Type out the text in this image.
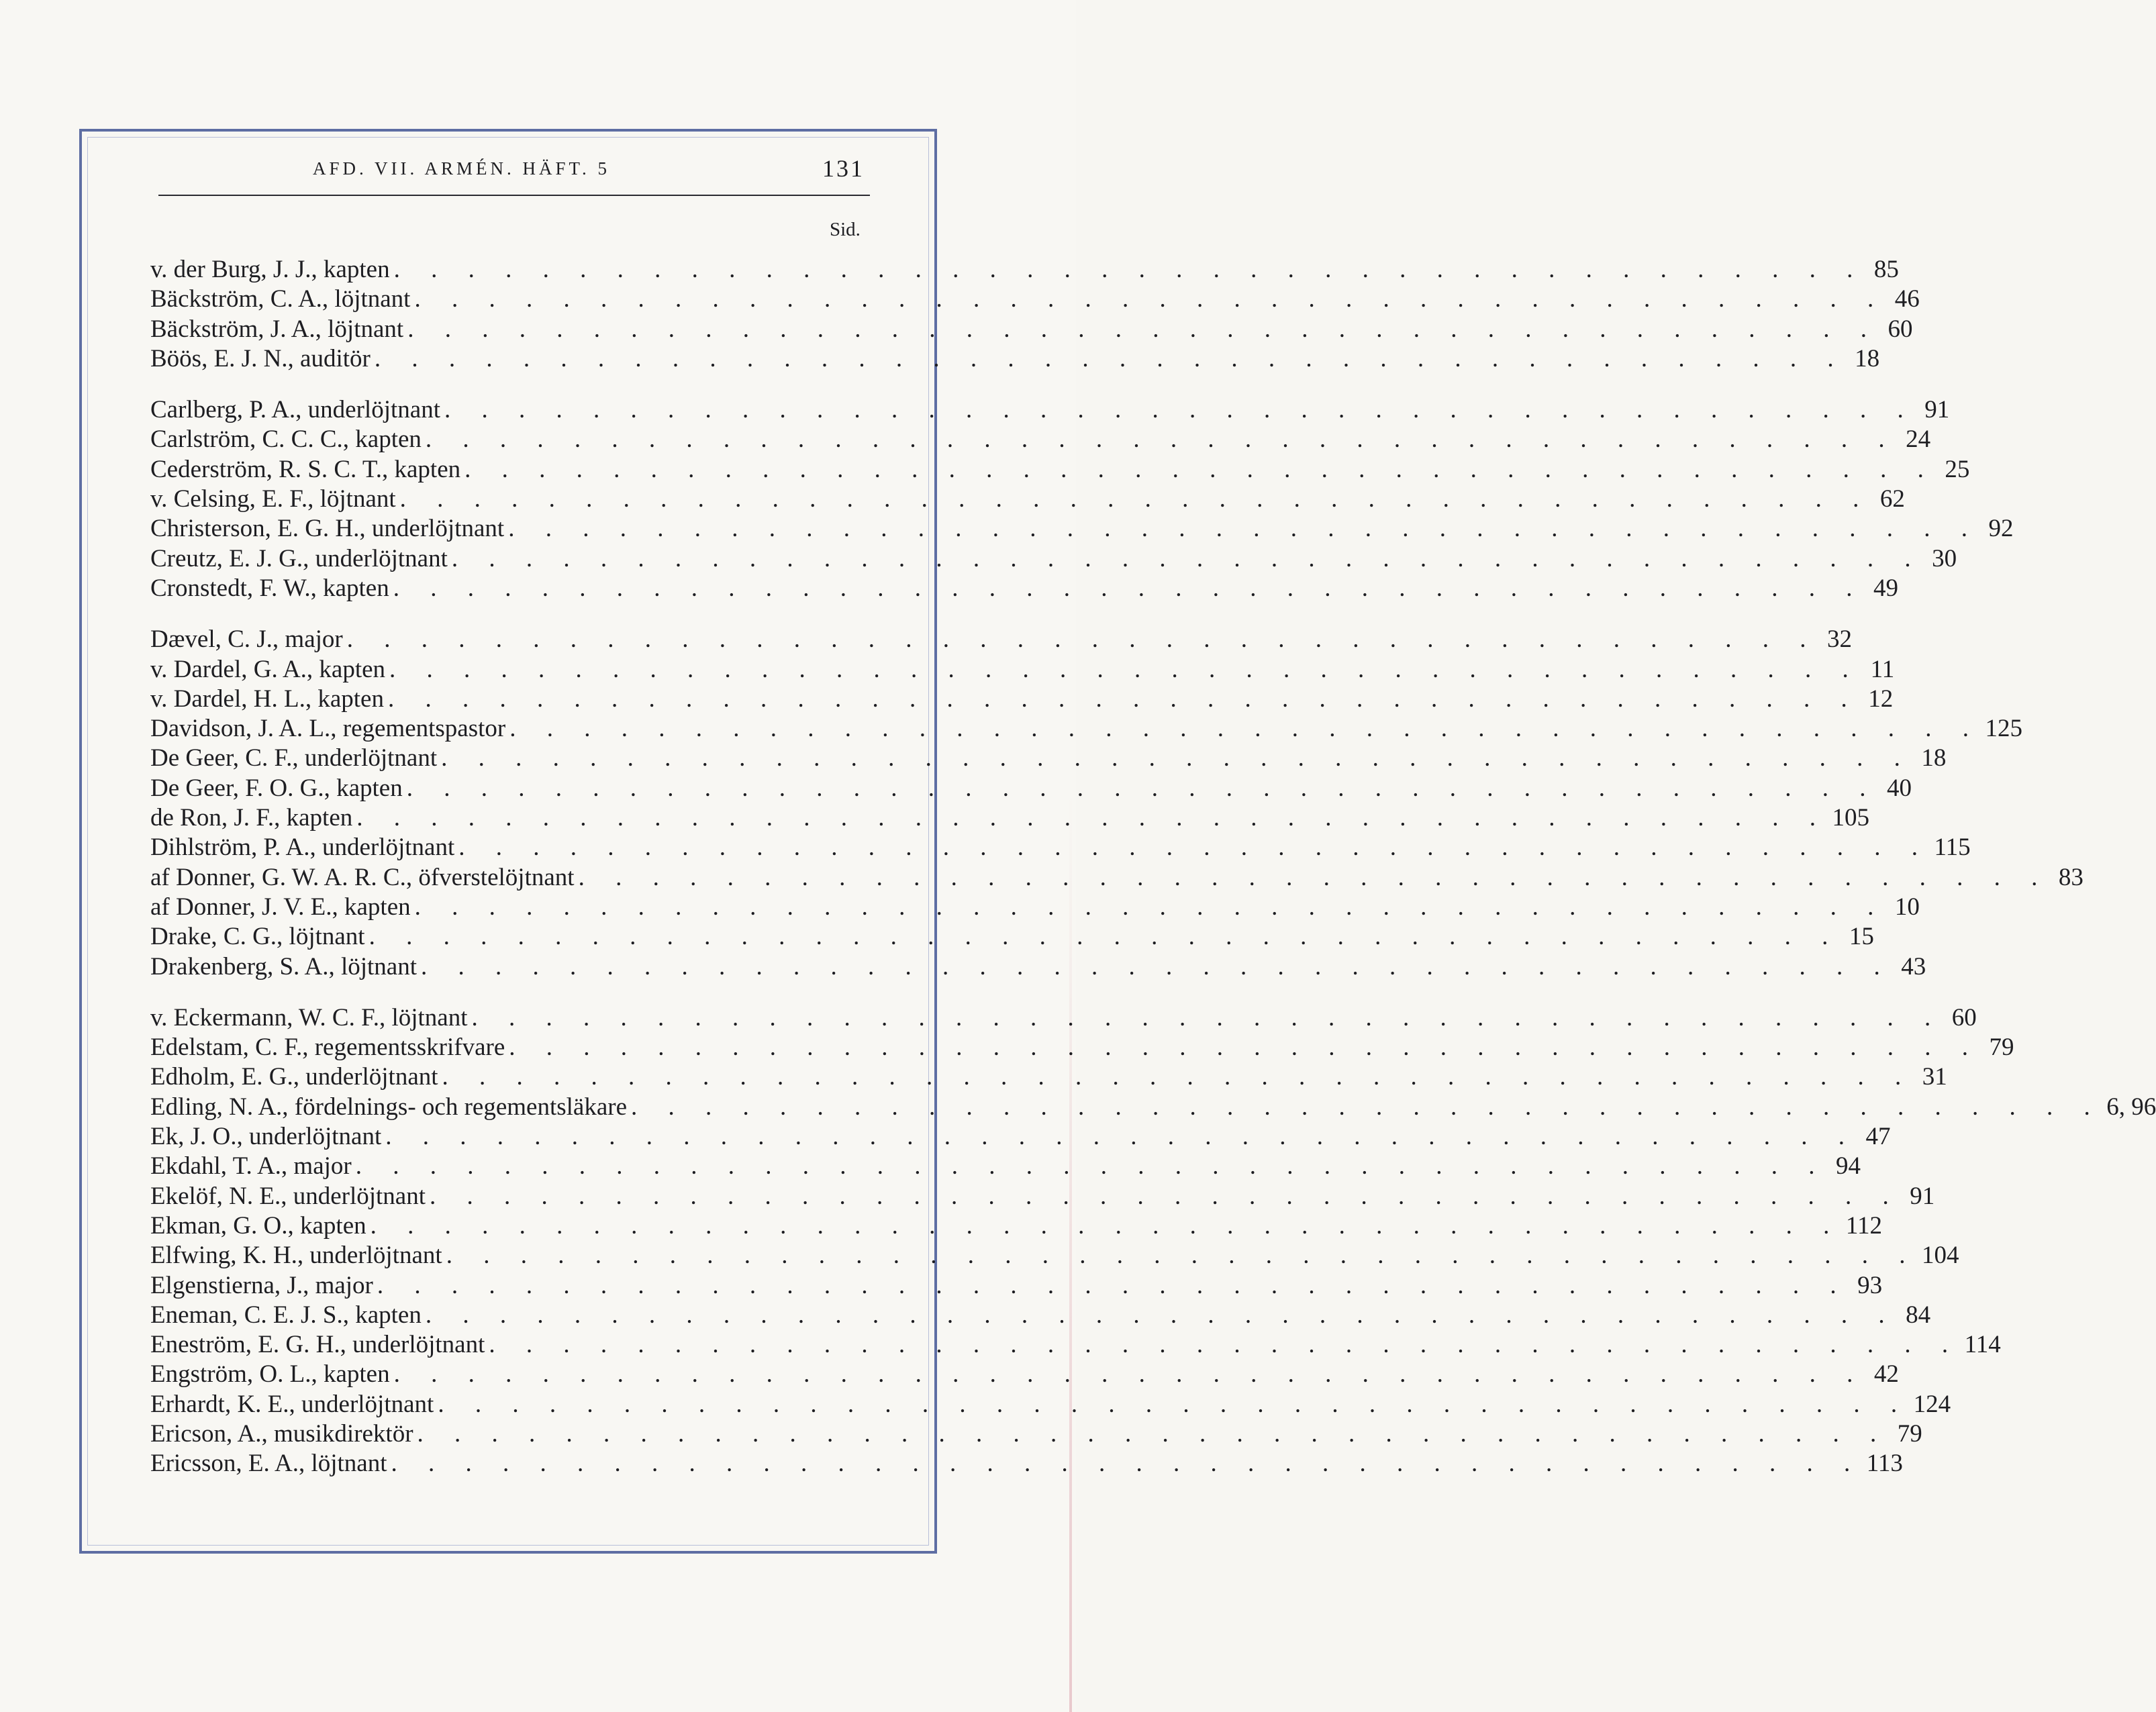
AFD. VII. ARMÉN. HÄFT. 5	131
Sid.
v. der Burg, J. J., kapten . . . . . . . . . . . . . . . . . . . . . . . . . . . . . . . . . . . . . . . . 85
Bäckström, C. A., löjtnant . . . . . . . . . . . . . . . . . . . . . . . . . . . . . . . . . . . . . . . . 46
Bäckström, J. A., löjtnant . . . . . . . . . . . . . . . . . . . . . . . . . . . . . . . . . . . . . . . . 60
Böös, E. J. N., auditör . . . . . . . . . . . . . . . . . . . . . . . . . . . . . . . . . . . . . . . . 18
Carlberg, P. A., underlöjtnant . . . . . . . . . . . . . . . . . . . . . . . . . . . . . . . . . . . . . . . . 91
Carlström, C. C. C., kapten . . . . . . . . . . . . . . . . . . . . . . . . . . . . . . . . . . . . . . . . 24
Cederström, R. S. C. T., kapten . . . . . . . . . . . . . . . . . . . . . . . . . . . . . . . . . . . . . . . . 25
v. Celsing, E. F., löjtnant . . . . . . . . . . . . . . . . . . . . . . . . . . . . . . . . . . . . . . . . 62
Christerson, E. G. H., underlöjtnant . . . . . . . . . . . . . . . . . . . . . . . . . . . . . . . . . . . . . . . . 92
Creutz, E. J. G., underlöjtnant . . . . . . . . . . . . . . . . . . . . . . . . . . . . . . . . . . . . . . . . 30
Cronstedt, F. W., kapten . . . . . . . . . . . . . . . . . . . . . . . . . . . . . . . . . . . . . . . . 49
Dævel, C. J., major . . . . . . . . . . . . . . . . . . . . . . . . . . . . . . . . . . . . . . . . 32
v. Dardel, G. A., kapten . . . . . . . . . . . . . . . . . . . . . . . . . . . . . . . . . . . . . . . . 11
v. Dardel, H. L., kapten . . . . . . . . . . . . . . . . . . . . . . . . . . . . . . . . . . . . . . . . 12
Davidson, J. A. L., regementspastor . . . . . . . . . . . . . . . . . . . . . . . . . . . . . . . . . . . . . . . . 125
De Geer, C. F., underlöjtnant . . . . . . . . . . . . . . . . . . . . . . . . . . . . . . . . . . . . . . . . 18
De Geer, F. O. G., kapten . . . . . . . . . . . . . . . . . . . . . . . . . . . . . . . . . . . . . . . . 40
de Ron, J. F., kapten . . . . . . . . . . . . . . . . . . . . . . . . . . . . . . . . . . . . . . . . 105
Dihlström, P. A., underlöjtnant . . . . . . . . . . . . . . . . . . . . . . . . . . . . . . . . . . . . . . . . 115
af Donner, G. W. A. R. C., öfverstelöjtnant . . . . . . . . . . . . . . . . . . . . . . . . . . . . . . . . . . . . . . . . 83
af Donner, J. V. E., kapten . . . . . . . . . . . . . . . . . . . . . . . . . . . . . . . . . . . . . . . . 10
Drake, C. G., löjtnant . . . . . . . . . . . . . . . . . . . . . . . . . . . . . . . . . . . . . . . . 15
Drakenberg, S. A., löjtnant . . . . . . . . . . . . . . . . . . . . . . . . . . . . . . . . . . . . . . . . 43
v. Eckermann, W. C. F., löjtnant . . . . . . . . . . . . . . . . . . . . . . . . . . . . . . . . . . . . . . . . 60
Edelstam, C. F., regementsskrifvare . . . . . . . . . . . . . . . . . . . . . . . . . . . . . . . . . . . . . . . . 79
Edholm, E. G., underlöjtnant . . . . . . . . . . . . . . . . . . . . . . . . . . . . . . . . . . . . . . . . 31
Edling, N. A., fördelnings- och regementsläkare . . . . . . . . . . . . . . . . . . . . . . . . . . . . . . . . . . . . . . . . 6, 96
Ek, J. O., underlöjtnant . . . . . . . . . . . . . . . . . . . . . . . . . . . . . . . . . . . . . . . . 47
Ekdahl, T. A., major . . . . . . . . . . . . . . . . . . . . . . . . . . . . . . . . . . . . . . . . 94
Ekelöf, N. E., underlöjtnant . . . . . . . . . . . . . . . . . . . . . . . . . . . . . . . . . . . . . . . . 91
Ekman, G. O., kapten . . . . . . . . . . . . . . . . . . . . . . . . . . . . . . . . . . . . . . . . 112
Elfwing, K. H., underlöjtnant . . . . . . . . . . . . . . . . . . . . . . . . . . . . . . . . . . . . . . . . 104
Elgenstierna, J., major . . . . . . . . . . . . . . . . . . . . . . . . . . . . . . . . . . . . . . . . 93
Eneman, C. E. J. S., kapten . . . . . . . . . . . . . . . . . . . . . . . . . . . . . . . . . . . . . . . . 84
Eneström, E. G. H., underlöjtnant . . . . . . . . . . . . . . . . . . . . . . . . . . . . . . . . . . . . . . . . 114
Engström, O. L., kapten . . . . . . . . . . . . . . . . . . . . . . . . . . . . . . . . . . . . . . . . 42
Erhardt, K. E., underlöjtnant . . . . . . . . . . . . . . . . . . . . . . . . . . . . . . . . . . . . . . . . 124
Ericson, A., musikdirektör . . . . . . . . . . . . . . . . . . . . . . . . . . . . . . . . . . . . . . . . 79
Ericsson, E. A., löjtnant . . . . . . . . . . . . . . . . . . . . . . . . . . . . . . . . . . . . . . . . 113
